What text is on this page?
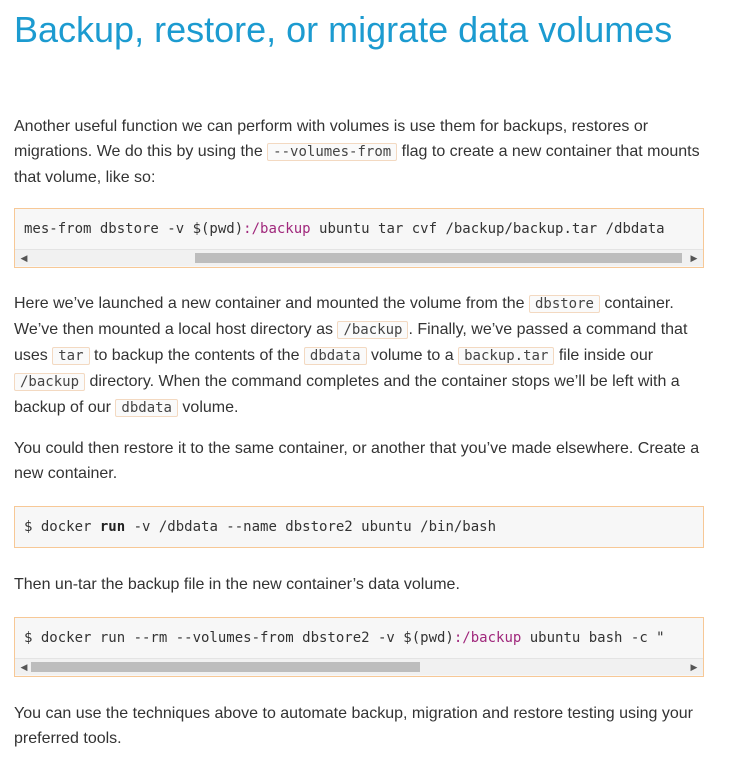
Backup, restore, or migrate data volumes

Another useful function we can perform with volumes is use them for backups, restores or migrations. We do this by using the --volumes-from flag to create a new container that mounts that volume, like so:

mes-from dbstore -v $(pwd):/backup ubuntu tar cvf /backup/backup.tar /dbdata
◀	▶

Here we’ve launched a new container and mounted the volume from the dbstore container. We’ve then mounted a local host directory as /backup . Finally, we’ve passed a command that uses tar to backup the contents of the dbdata volume to a backup.tar file inside our /backup directory. When the command completes and the container stops we’ll be left with a backup of our dbdata volume.

You could then restore it to the same container, or another that you’ve made elsewhere. Create a new container.

$ docker run -v /dbdata --name dbstore2 ubuntu /bin/bash

Then un-tar the backup file in the new container’s data volume.

$ docker run --rm --volumes-from dbstore2 -v $(pwd):/backup ubuntu bash -c "
◀	▶

You can use the techniques above to automate backup, migration and restore testing using your preferred tools.
